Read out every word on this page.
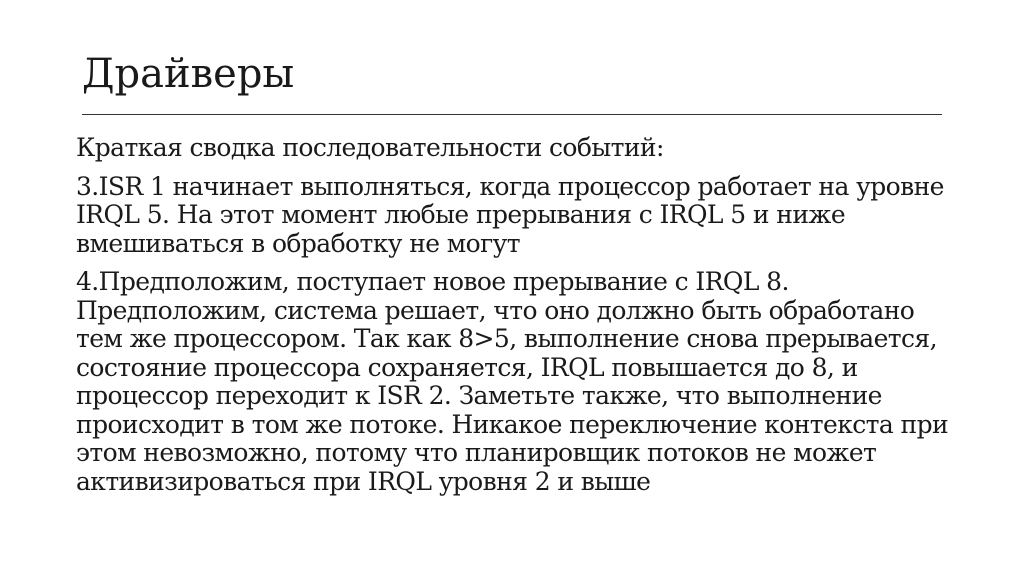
Драйверы

Краткая сводка последовательности событий:

3.ISR 1 начинает выполняться, когда процессор работает на уровне IRQL 5. На этот момент любые прерывания с IRQL 5 и ниже вмешиваться в обработку не могут

4.Предположим, поступает новое прерывание с IRQL 8. Предположим, система решает, что оно должно быть обработано тем же процессором. Так как 8>5, выполнение снова прерывается, состояние процессора сохраняется, IRQL повышается до 8, и процессор переходит к ISR 2. Заметьте также, что выполнение происходит в том же потоке. Никакое переключение контекста при этом невозможно, потому что планировщик потоков не может активизироваться при IRQL уровня 2 и выше
